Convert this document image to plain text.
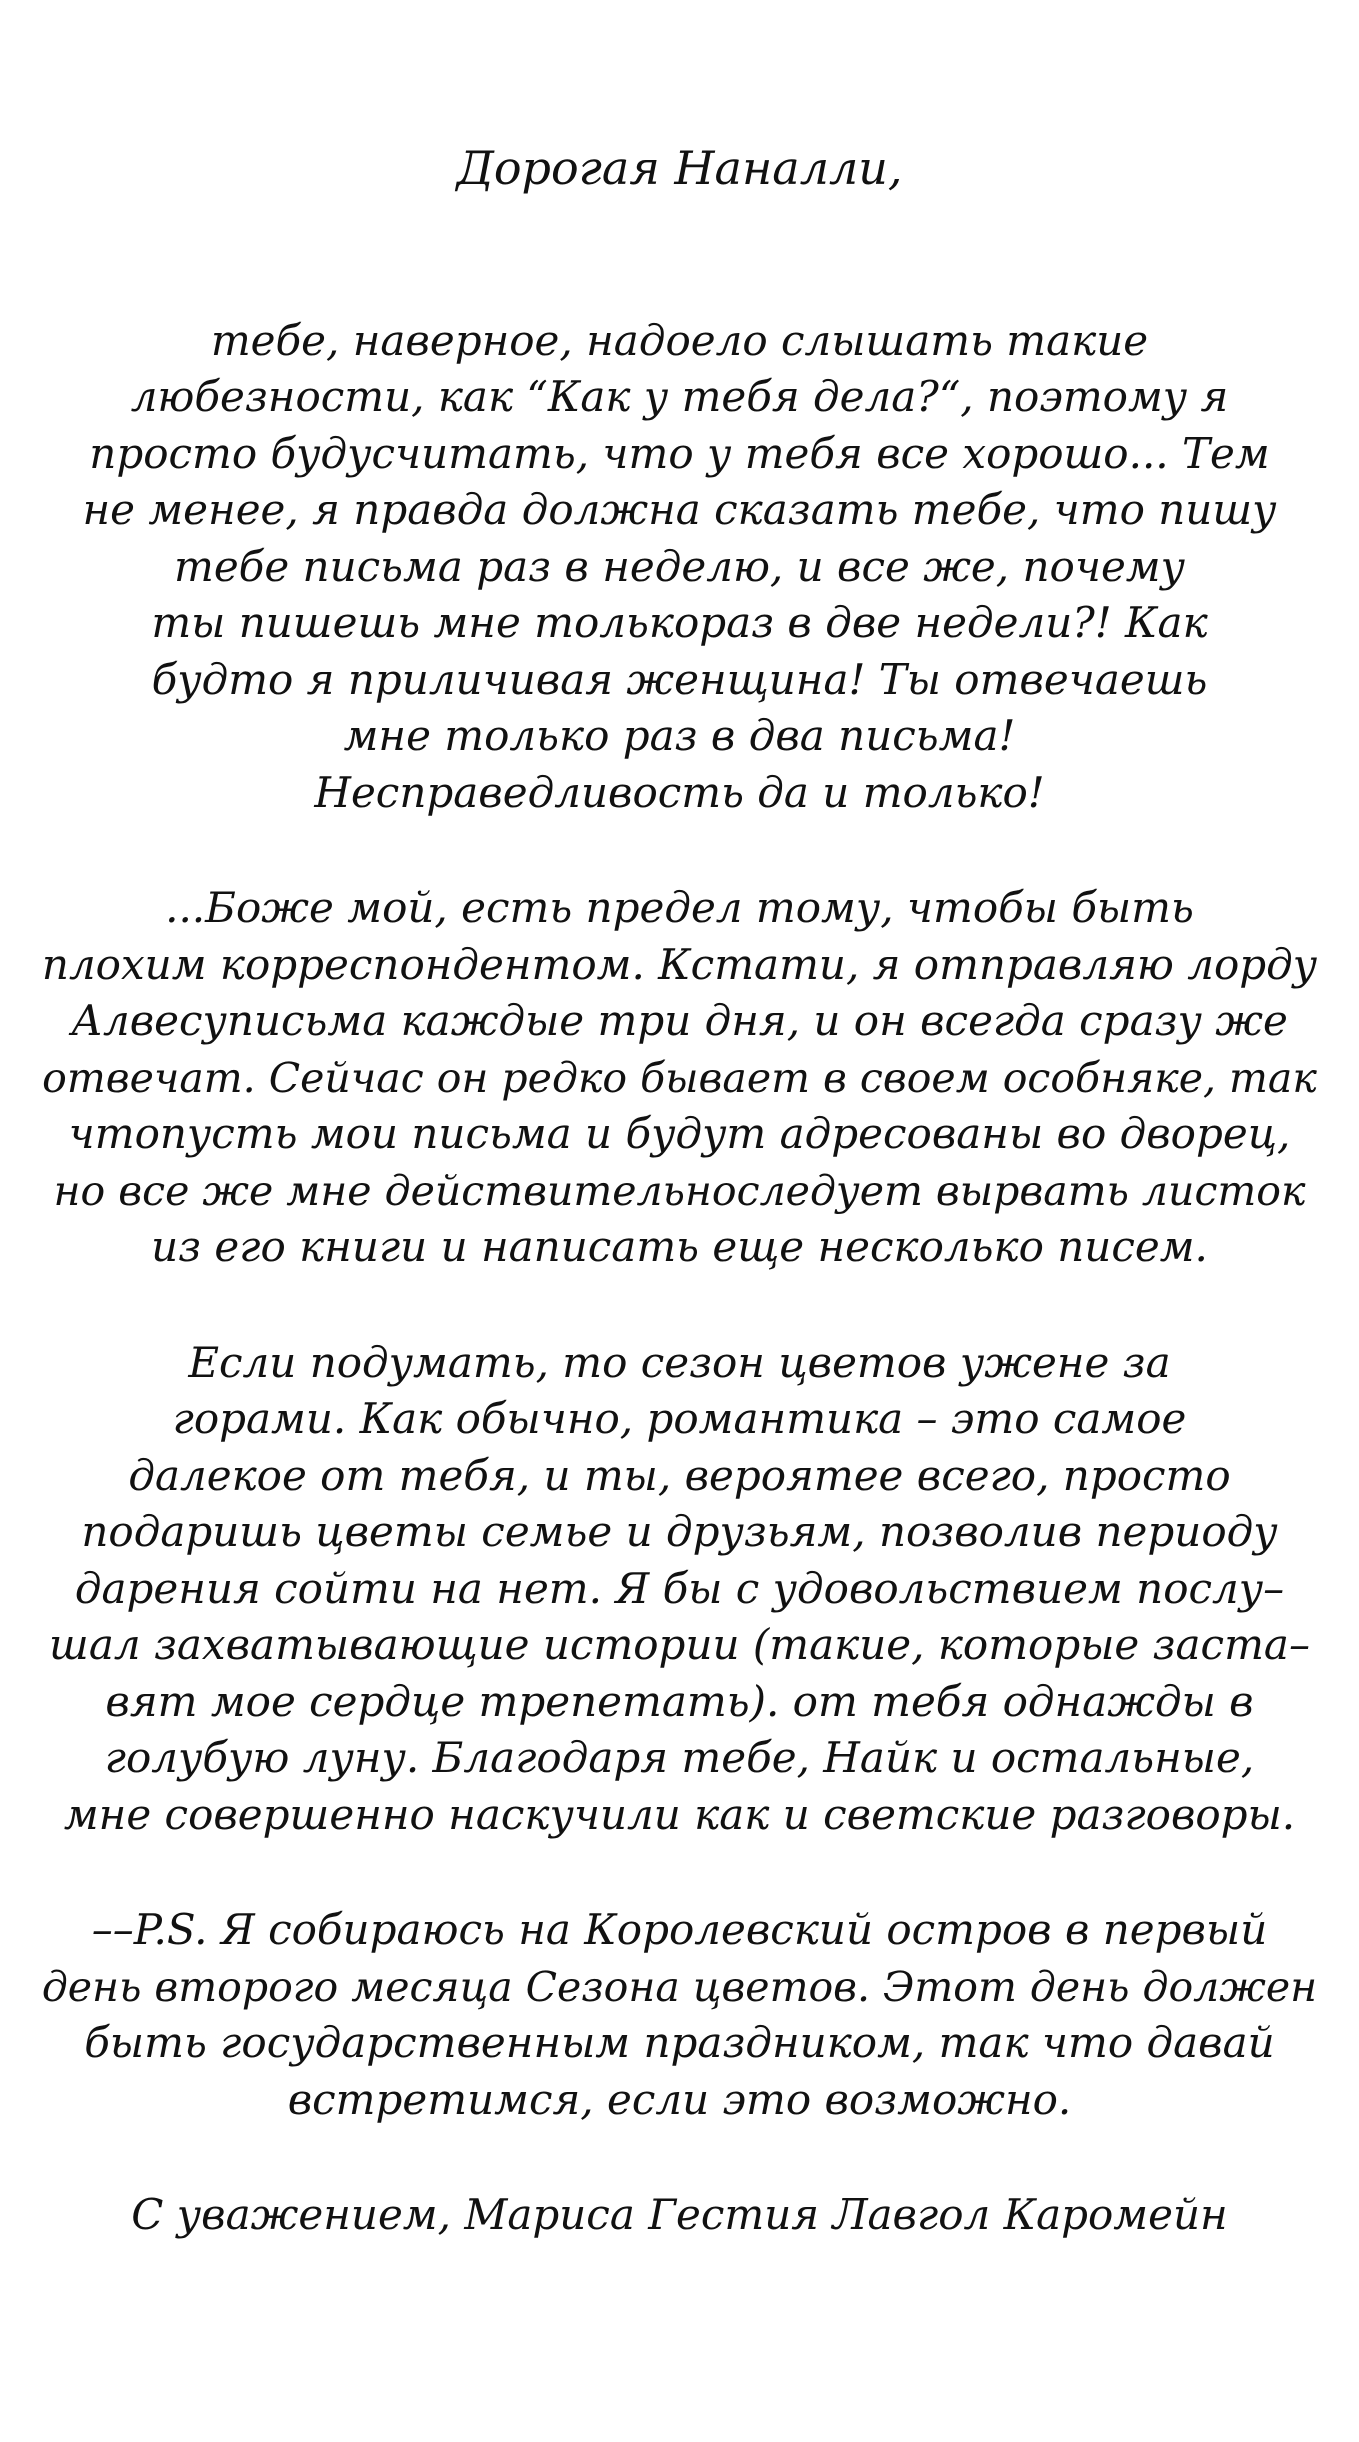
Дорогая Наналли,

тебе, наверное, надоело слышать такие
любезности, как “Как у тебя дела?“, поэтому я
просто будусчитать, что у тебя все хорошо... Тем
не менее, я правда должна сказать тебе, что пишу
тебе письма раз в неделю, и все же, почему
ты пишешь мне толькораз в две недели?! Как
будто я приличивая женщина! Ты отвечаешь
мне только раз в два письма!
Несправедливость да и только!
...Боже мой, есть предел тому, чтобы быть
плохим корреспондентом. Кстати, я отправляю лорду
Алвесуписьма каждые три дня, и он всегда сразу же
отвечат. Сейчас он редко бывает в своем особняке, так
чтопусть мои письма и будут адресованы во дворец,
но все же мне действительноследует вырвать листок
из его книги и написать еще несколько писем.
Если подумать, то сезон цветов ужене за
горами. Как обычно, романтика – это самое
далекое от тебя, и ты, вероятее всего, просто
подаришь цветы семье и друзьям, позволив периоду
дарения сойти на нет. Я бы с удовольствием послу–
шал захватывающие истории (такие, которые заста–
вят мое сердце трепетать). от тебя однажды в
голубую луну. Благодаря тебе, Найк и остальные,
мне совершенно наскучили как и светские разговоры.
––P.S. Я собираюсь на Королевский остров в первый
день второго месяца Сезона цветов. Этот день должен
быть государственным праздником, так что давай
встретимся, если это возможно.

С уважением, Мариса Гестия Лавгол Каромейн
